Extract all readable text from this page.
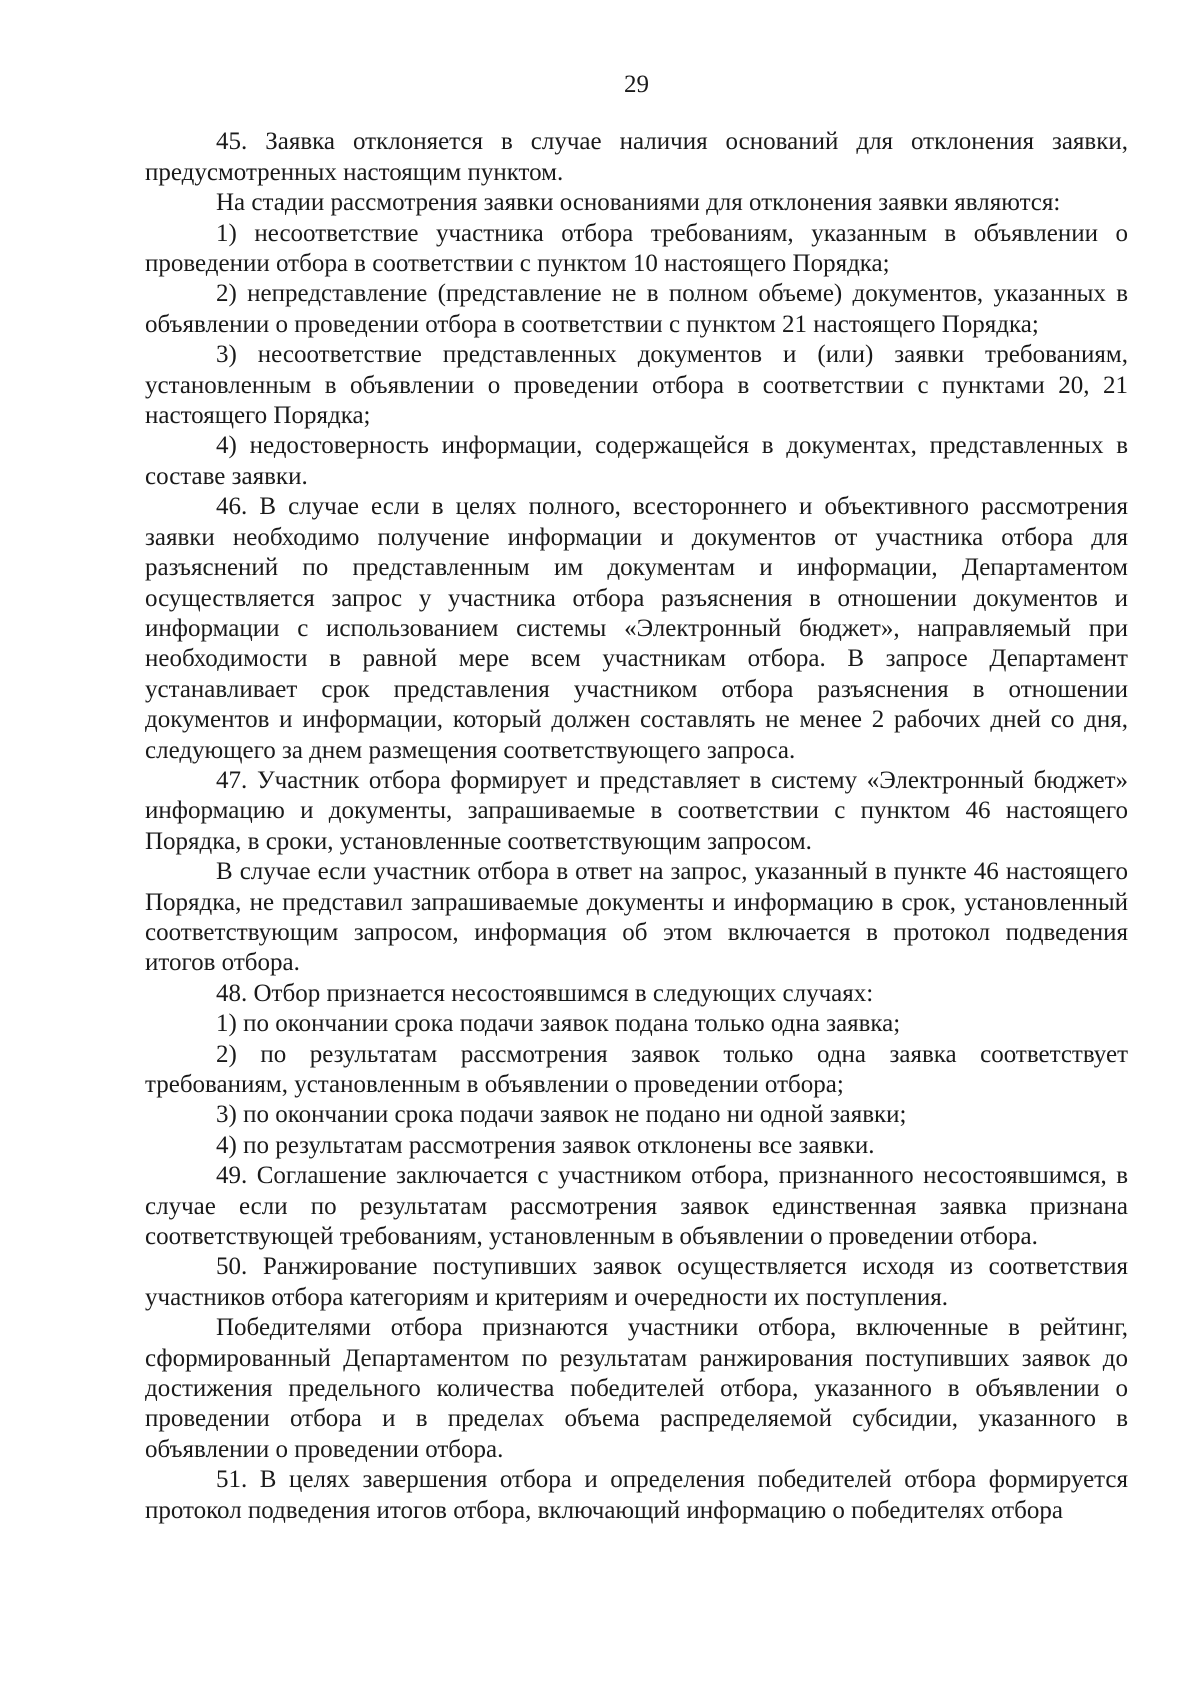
29

45. Заявка отклоняется в случае наличия оснований для отклонения заявки, предусмотренных настоящим пунктом.

На стадии рассмотрения заявки основаниями для отклонения заявки являются:

1) несоответствие участника отбора требованиям, указанным в объявлении о проведении отбора в соответствии с пунктом 10 настоящего Порядка;

2) непредставление (представление не в полном объеме) документов, указанных в объявлении о проведении отбора в соответствии с пунктом 21 настоящего Порядка;

3) несоответствие представленных документов и (или) заявки требованиям, установленным в объявлении о проведении отбора в соответствии с пунктами 20, 21 настоящего Порядка;

4) недостоверность информации, содержащейся в документах, представленных в составе заявки.

46. В случае если в целях полного, всестороннего и объективного рассмотрения заявки необходимо получение информации и документов от участника отбора для разъяснений по представленным им документам и информации, Департаментом осуществляется запрос у участника отбора разъяснения в отношении документов и информации с использованием системы «Электронный бюджет», направляемый при необходимости в равной мере всем участникам отбора. В запросе Департамент устанавливает срок представления участником отбора разъяснения в отношении документов и информации, который должен составлять не менее 2 рабочих дней со дня, следующего за днем размещения соответствующего запроса.

47. Участник отбора формирует и представляет в систему «Электронный бюджет» информацию и документы, запрашиваемые в соответствии с пунктом 46 настоящего Порядка, в сроки, установленные соответствующим запросом.

В случае если участник отбора в ответ на запрос, указанный в пункте 46 настоящего Порядка, не представил запрашиваемые документы и информацию в срок, установленный соответствующим запросом, информация об этом включается в протокол подведения итогов отбора.

48. Отбор признается несостоявшимся в следующих случаях:

1) по окончании срока подачи заявок подана только одна заявка;

2) по результатам рассмотрения заявок только одна заявка соответствует требованиям, установленным в объявлении о проведении отбора;

3) по окончании срока подачи заявок не подано ни одной заявки;

4) по результатам рассмотрения заявок отклонены все заявки.

49. Соглашение заключается с участником отбора, признанного несостоявшимся, в случае если по результатам рассмотрения заявок единственная заявка признана соответствующей требованиям, установленным в объявлении о проведении отбора.

50. Ранжирование поступивших заявок осуществляется исходя из соответствия участников отбора категориям и критериям и очередности их поступления.

Победителями отбора признаются участники отбора, включенные в рейтинг, сформированный Департаментом по результатам ранжирования поступивших заявок до достижения предельного количества победителей отбора, указанного в объявлении о проведении отбора и в пределах объема распределяемой субсидии, указанного в объявлении о проведении отбора.

51. В целях завершения отбора и определения победителей отбора формируется протокол подведения итогов отбора, включающий информацию о победителях отбора
